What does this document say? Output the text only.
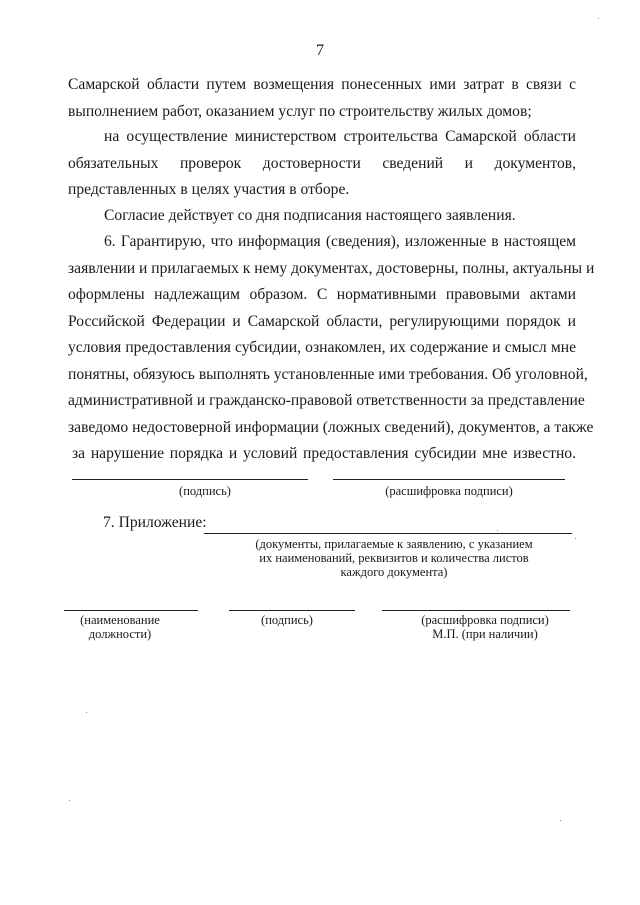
7
Самарской области путем возмещения понесенных ими затрат в связи с
выполнением работ, оказанием услуг по строительству жилых домов;
на осуществление министерством строительства Самарской области
обязательных проверок достоверности сведений и документов,
представленных в целях участия в отборе.
Согласие действует со дня подписания настоящего заявления.
6. Гарантирую, что информация (сведения), изложенные в настоящем
заявлении и прилагаемых к нему документах, достоверны, полны, актуальны и
оформлены надлежащим образом. С нормативными правовыми актами
Российской Федерации и Самарской области, регулирующими порядок и
условия предоставления субсидии, ознакомлен, их содержание и смысл мне
понятны, обязуюсь выполнять установленные ими требования. Об уголовной,
административной и гражданско-правовой ответственности за представление
заведомо недостоверной информации (ложных сведений), документов, а также
за нарушение порядка и условий предоставления субсидии мне известно.
(подпись)	(расшифровка подписи)
7. Приложение:
(документы, прилагаемые к заявлению, с указанием
их наименований, реквизитов и количества листов
каждого документа)
(наименование
должности)
(подпись)	(расшифровка подписи)
М.П. (при наличии)
